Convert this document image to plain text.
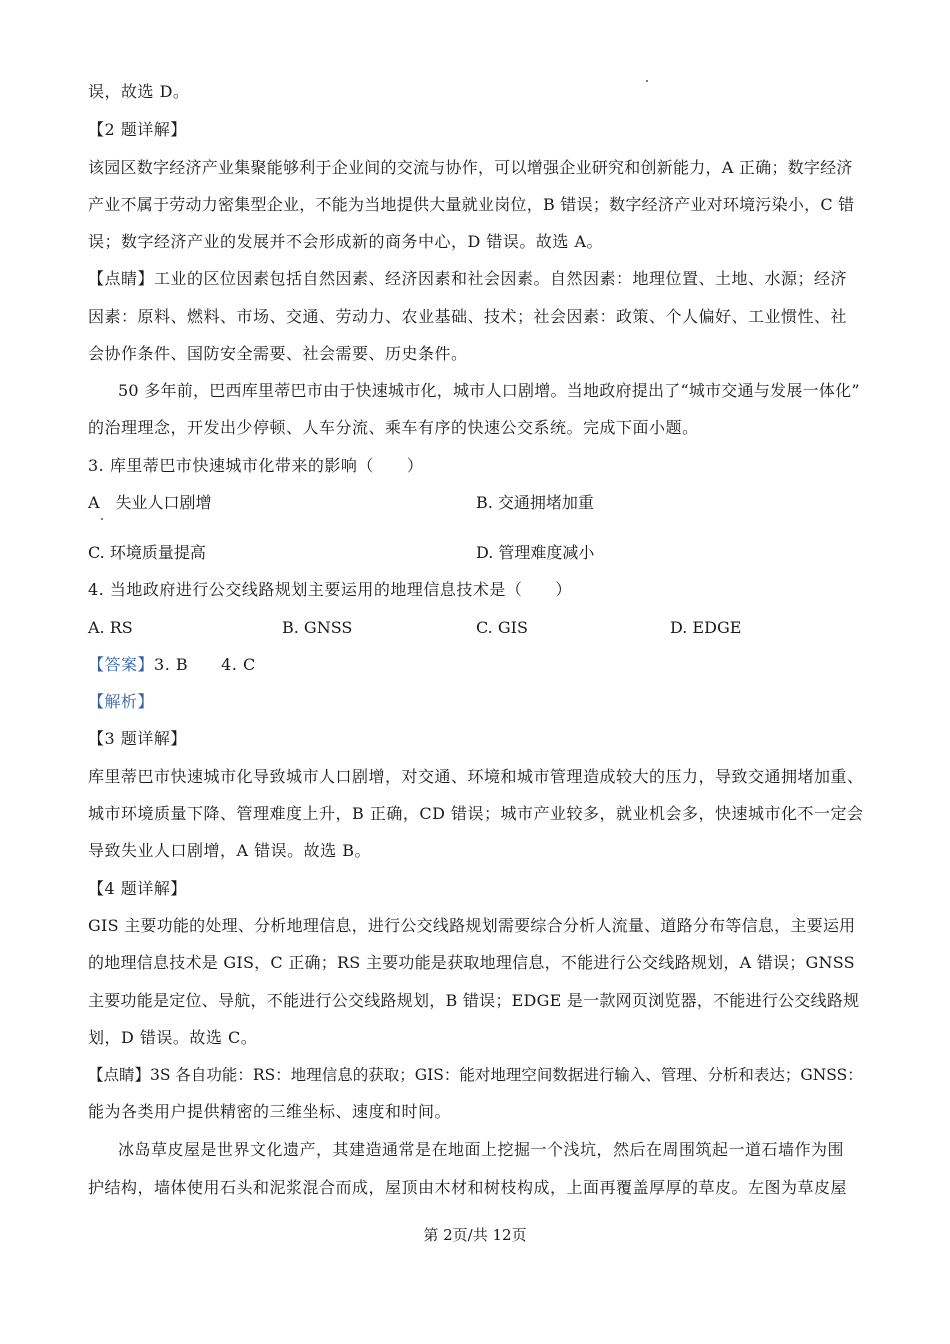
误，故选 D。
【2 题详解】
该园区数字经济产业集聚能够利于企业间的交流与协作，可以增强企业研究和创新能力，A 正确；数字经济
产业不属于劳动力密集型企业，不能为当地提供大量就业岗位，B 错误；数字经济产业对环境污染小，C 错
误；数字经济产业的发展并不会形成新的商务中心，D 错误。故选 A。
【点睛】工业的区位因素包括自然因素、经济因素和社会因素。自然因素：地理位置、土地、水源；经济
因素：原料、燃料、市场、交通、劳动力、农业基础、技术；社会因素：政策、个人偏好、工业惯性、社
会协作条件、国防安全需要、社会需要、历史条件。
50 多年前，巴西库里蒂巴市由于快速城市化，城市人口剧增。当地政府提出了“城市交通与发展一体化”
的治理理念，开发出少停顿、人车分流、乘车有序的快速公交系统。完成下面小题。
3. 库里蒂巴市快速城市化带来的影响（　　）
A　失业人口剧增	B. 交通拥堵加重
C. 环境质量提高	D. 管理难度减小
4. 当地政府进行公交线路规划主要运用的地理信息技术是（　　）
A. RS	B. GNSS	C. GIS	D. EDGE
【答案】3. B　　4. C
【解析】
【3 题详解】
库里蒂巴市快速城市化导致城市人口剧增，对交通、环境和城市管理造成较大的压力，导致交通拥堵加重、
城市环境质量下降、管理难度上升，B 正确，CD 错误；城市产业较多，就业机会多，快速城市化不一定会
导致失业人口剧增，A 错误。故选 B。
【4 题详解】
GIS 主要功能的处理、分析地理信息，进行公交线路规划需要综合分析人流量、道路分布等信息，主要运用
的地理信息技术是 GIS，C 正确；RS 主要功能是获取地理信息，不能进行公交线路规划，A 错误；GNSS
主要功能是定位、导航，不能进行公交线路规划，B 错误；EDGE 是一款网页浏览器，不能进行公交线路规
划，D 错误。故选 C。
【点睛】3S 各自功能：RS：地理信息的获取；GIS：能对地理空间数据进行输入、管理、分析和表达；GNSS：
能为各类用户提供精密的三维坐标、速度和时间。
冰岛草皮屋是世界文化遗产，其建造通常是在地面上挖掘一个浅坑，然后在周围筑起一道石墙作为围
护结构，墙体使用石头和泥浆混合而成，屋顶由木材和树枝构成，上面再覆盖厚厚的草皮。左图为草皮屋
第 2页/共 12页
